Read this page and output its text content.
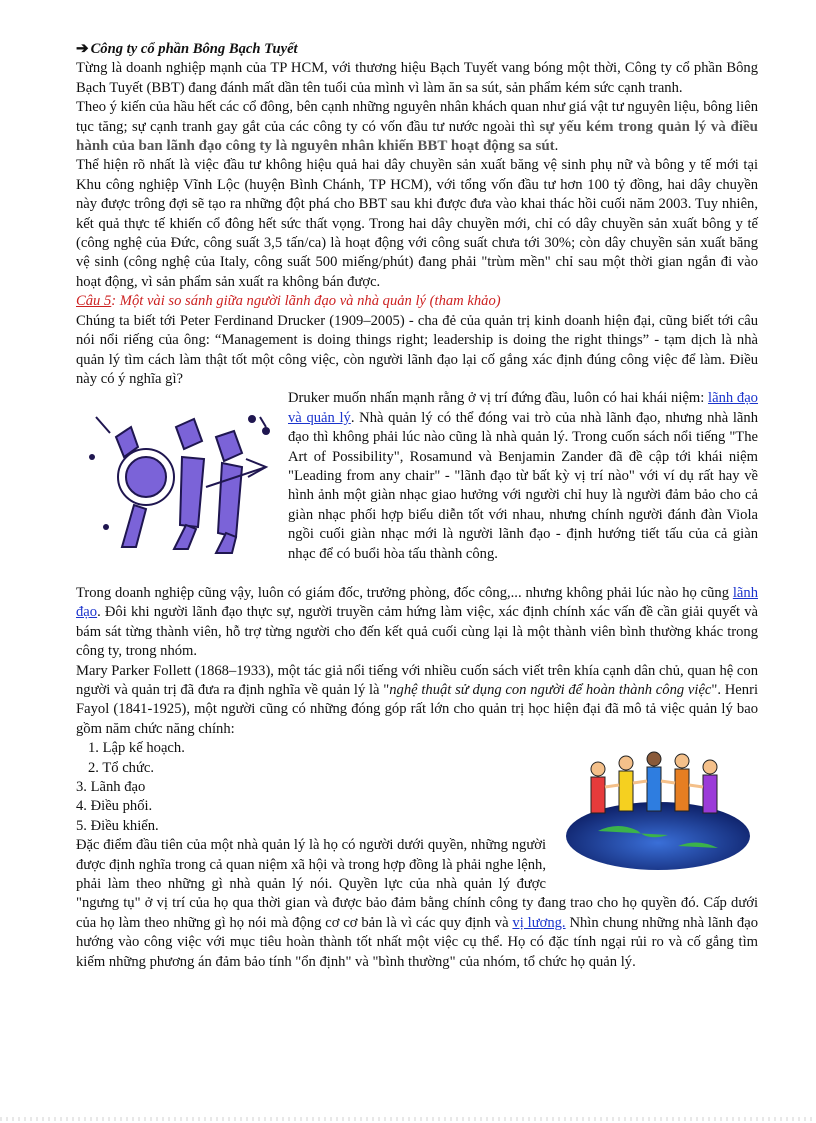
➔ Công ty cổ phần Bông Bạch Tuyết

Từng là doanh nghiệp mạnh của TP HCM, với thương hiệu Bạch Tuyết vang bóng một thời, Công ty cổ phần Bông Bạch Tuyết (BBT) đang đánh mất dần tên tuổi của mình vì làm ăn sa sút, sản phẩm kém sức cạnh tranh.

Theo ý kiến của hầu hết các cổ đông, bên cạnh những nguyên nhân khách quan như giá vật tư nguyên liệu, bông liên tục tăng; sự cạnh tranh gay gắt của các công ty có vốn đầu tư nước ngoài thì sự yếu kém trong quản lý và điều hành của ban lãnh đạo công ty là nguyên nhân khiến BBT hoạt động sa sút.

Thể hiện rõ nhất là việc đầu tư không hiệu quả hai dây chuyền sản xuất băng vệ sinh phụ nữ và bông y tế mới tại Khu công nghiệp Vĩnh Lộc (huyện Bình Chánh, TP HCM), với tổng vốn đầu tư hơn 100 tỷ đồng, hai dây chuyền này được trông đợi sẽ tạo ra những đột phá cho BBT sau khi được đưa vào khai thác hồi cuối năm 2003. Tuy nhiên, kết quả thực tế khiến cổ đông hết sức thất vọng. Trong hai dây chuyền mới, chỉ có dây chuyền sản xuất bông y tế (công nghệ của Đức, công suất 3,5 tấn/ca) là hoạt động với công suất chưa tới 30%; còn dây chuyền sản xuất băng vệ sinh (công nghệ của Italy, công suất 500 miếng/phút) đang phải "trùm mền" chỉ sau một thời gian ngắn đi vào hoạt động, vì sản phẩm sản xuất ra không bán được.

Câu 5: Một vài so sánh giữa người lãnh đạo và nhà quản lý (tham khảo)

Chúng ta biết tới Peter Ferdinand Drucker (1909–2005) - cha đẻ của quản trị kinh doanh hiện đại, cũng biết tới câu nói nổi riếng của ông: “Management is doing things right; leadership is doing the right things” - tạm dịch là nhà quản lý tìm cách làm thật tốt một công việc, còn người lãnh đạo lại cố gắng xác định đúng công việc để làm. Điều này có ý nghĩa gì?

Druker muốn nhấn mạnh rằng ở vị trí đứng đầu, luôn có hai khái niệm: lãnh đạo và quản lý. Nhà quản lý có thể đóng vai trò của nhà lãnh đạo, nhưng nhà lãnh đạo thì không phải lúc nào cũng là nhà quản lý. Trong cuốn sách nổi tiếng "The Art of Possibility", Rosamund và Benjamin Zander đã đề cập tới khái niệm "Leading from any chair" - "lãnh đạo từ bất kỳ vị trí nào" với ví dụ rất hay về hình ảnh một giàn nhạc giao hưởng với người chỉ huy là người đảm bảo cho cả giàn nhạc phối hợp biểu diễn tốt với nhau, nhưng chính người đánh đàn Viola ngồi cuối giàn nhạc mới là người lãnh đạo - định hướng tiết tấu của cả giàn nhạc để có buổi hòa tấu thành công.

Trong doanh nghiệp cũng vậy, luôn có giám đốc, trưởng phòng, đốc công,... nhưng không phải lúc nào họ cũng lãnh đạo. Đôi khi người lãnh đạo thực sự, người truyền cảm hứng làm việc, xác định chính xác vấn đề cần giải quyết và bám sát từng thành viên, hỗ trợ từng người cho đến kết quả cuối cùng lại là một thành viên bình thường khác trong công ty, trong nhóm.

Mary Parker Follett (1868–1933), một tác giả nổi tiếng với nhiều cuốn sách viết trên khía cạnh dân chủ, quan hệ con người và quản trị đã đưa ra định nghĩa về quản lý là "nghệ thuật sử dụng con người để hoàn thành công việc". Henri Fayol (1841-1925), một người cũng có những đóng góp rất lớn cho quản trị học hiện đại đã mô tả việc quản lý bao gồm năm chức năng chính:

1. Lập kế hoạch.

2. Tổ chức.

3. Lãnh đạo

4. Điều phối.

5. Điều khiển.

Đặc điểm đầu tiên của một nhà quản lý là họ có người dưới quyền, những người được định nghĩa trong cả quan niệm xã hội và trong hợp đồng là phải nghe lệnh, phải làm theo những gì nhà quản lý nói. Quyền lực của nhà quản lý được "ngưng tụ" ở vị trí của họ qua thời gian và được bảo đảm bằng chính công ty đang trao cho họ quyền đó. Cấp dưới của họ làm theo những gì họ nói mà động cơ cơ bản là vì các quy định và vị lương. Nhìn chung những nhà lãnh đạo hướng vào công việc với mục tiêu hoàn thành tốt nhất một việc cụ thể. Họ có đặc tính ngại rủi ro và cố gắng tìm kiếm những phương án đảm bảo tính "ổn định" và "bình thường" của nhóm, tổ chức họ quản lý.
